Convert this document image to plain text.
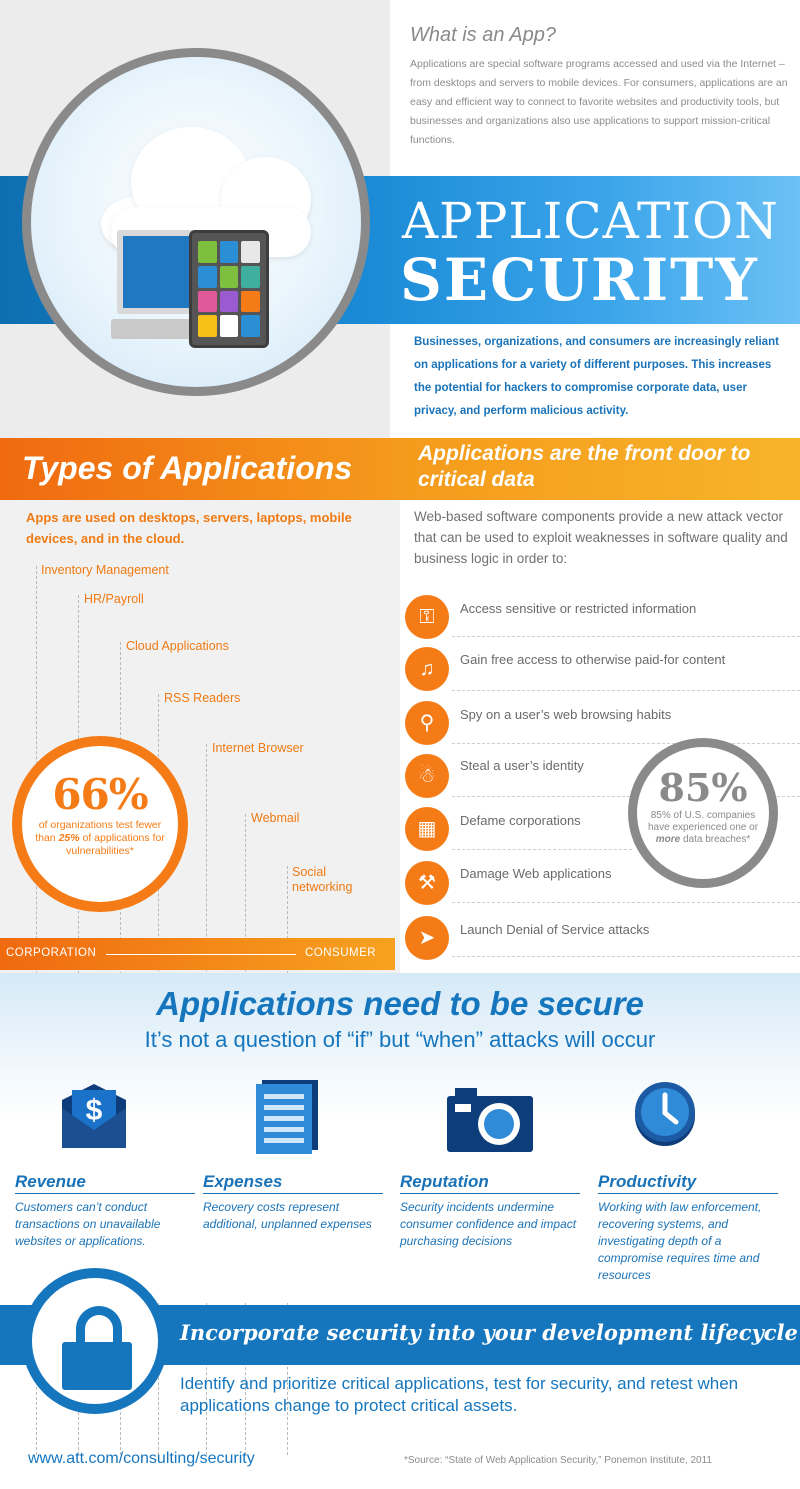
What is an App?

Applications are special software programs accessed and used via the Internet – from desktops and servers to mobile devices. For consumers, applications are an easy and efficient way to connect to favorite websites and productivity tools, but businesses and organizations also use applications to support mission-critical functions.

APPLICATION
SECURITY

Businesses, organizations, and consumers are increasingly reliant on applications for a variety of different purposes. This increases the potential for hackers to compromise corporate data, user privacy, and perform malicious activity.

Types of Applications	Applications are the front door to critical data

Apps are used on desktops, servers, laptops, mobile devices, and in the cloud.

Web-based software components provide a new attack vector that can be used to exploit weaknesses in software quality and business logic in order to:

Inventory Management
HR/Payroll
Cloud Applications
RSS Readers
Internet Browser
Webmail
Social networking
66%
of organizations test fewer than 25% of applications for vulnerabilities*
CORPORATION	CONSUMER
⚿	Access sensitive or restricted information
♫	Gain free access to otherwise paid-for content
⚲	Spy on a user’s web browsing habits
☃	Steal a user’s identity
▦	Defame corporations
⚒	Damage Web applications
➤	Launch Denial of Service attacks
85%
85% of U.S. companies have experienced one or more data breaches*
Applications need to be secure

It’s not a question of “if” but “when” attacks will occur

$
Revenue
Customers can’t conduct transactions on unavailable websites or applications.
Expenses
Recovery costs represent additional, unplanned expenses
Reputation
Security incidents undermine consumer confidence and impact purchasing decisions
Productivity
Working with law enforcement, recovering systems, and investigating depth of a compromise requires time and resources
Incorporate security into your development lifecycle

Identify and prioritize critical applications, test for security, and retest when applications change to protect critical assets.

www.att.com/consulting/security	*Source: “State of Web Application Security,” Ponemon Institute, 2011
